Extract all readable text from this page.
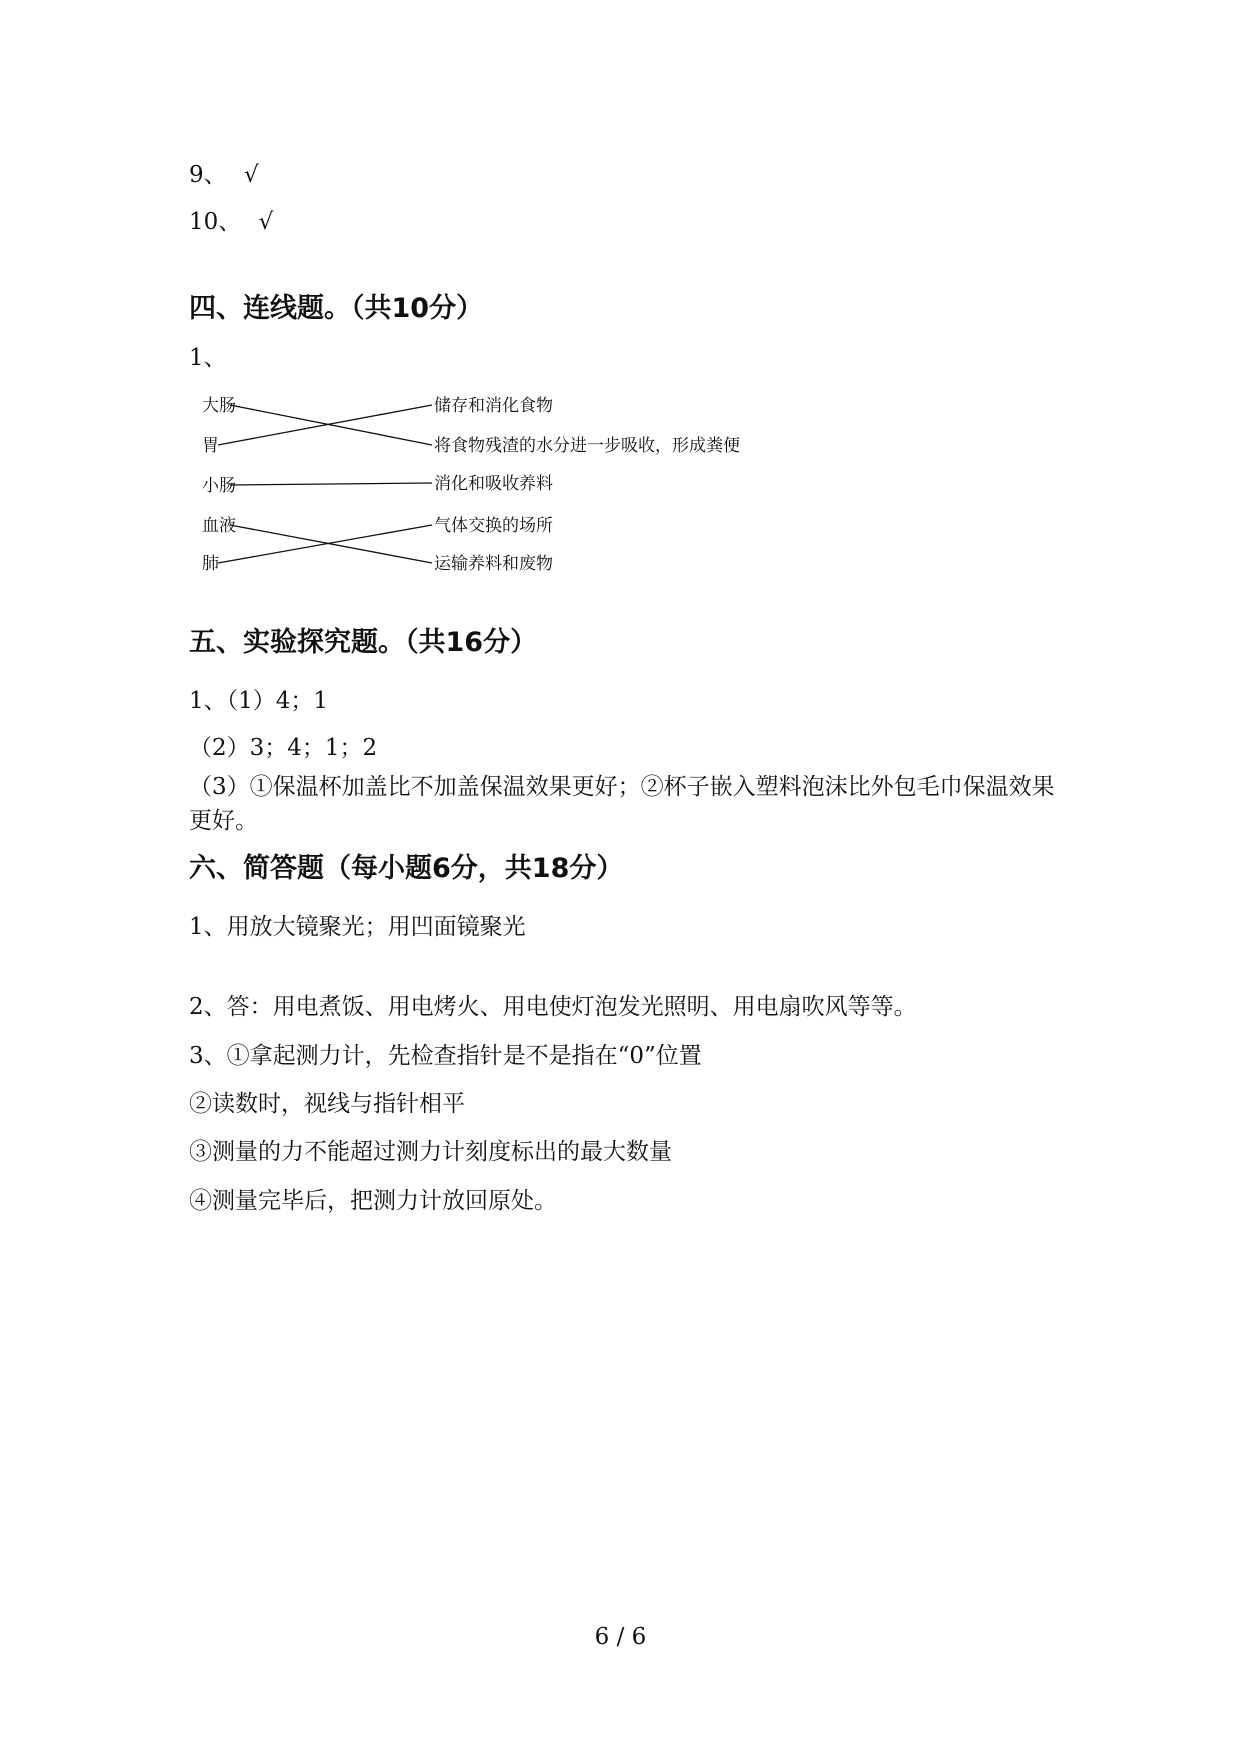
9、 √
10、 √
四、连线题。（共10分）
1、
大肠
胃
小肠
血液
肺
储存和消化食物
将食物残渣的水分进一步吸收，形成粪便
消化和吸收养料
气体交换的场所
运输养料和废物
五、实验探究题。（共16分）
1、（1）4；1
（2）3；4；1；2
（3）①保温杯加盖比不加盖保温效果更好；②杯子嵌入塑料泡沫比外包毛巾保温效果更好。
六、简答题（每小题6分，共18分）
1、用放大镜聚光；用凹面镜聚光
2、答：用电煮饭、用电烤火、用电使灯泡发光照明、用电扇吹风等等。
3、①拿起测力计，先检查指针是不是指在“0”位置
②读数时，视线与指针相平
③测量的力不能超过测力计刻度标出的最大数量
④测量完毕后，把测力计放回原处。
6 / 6
